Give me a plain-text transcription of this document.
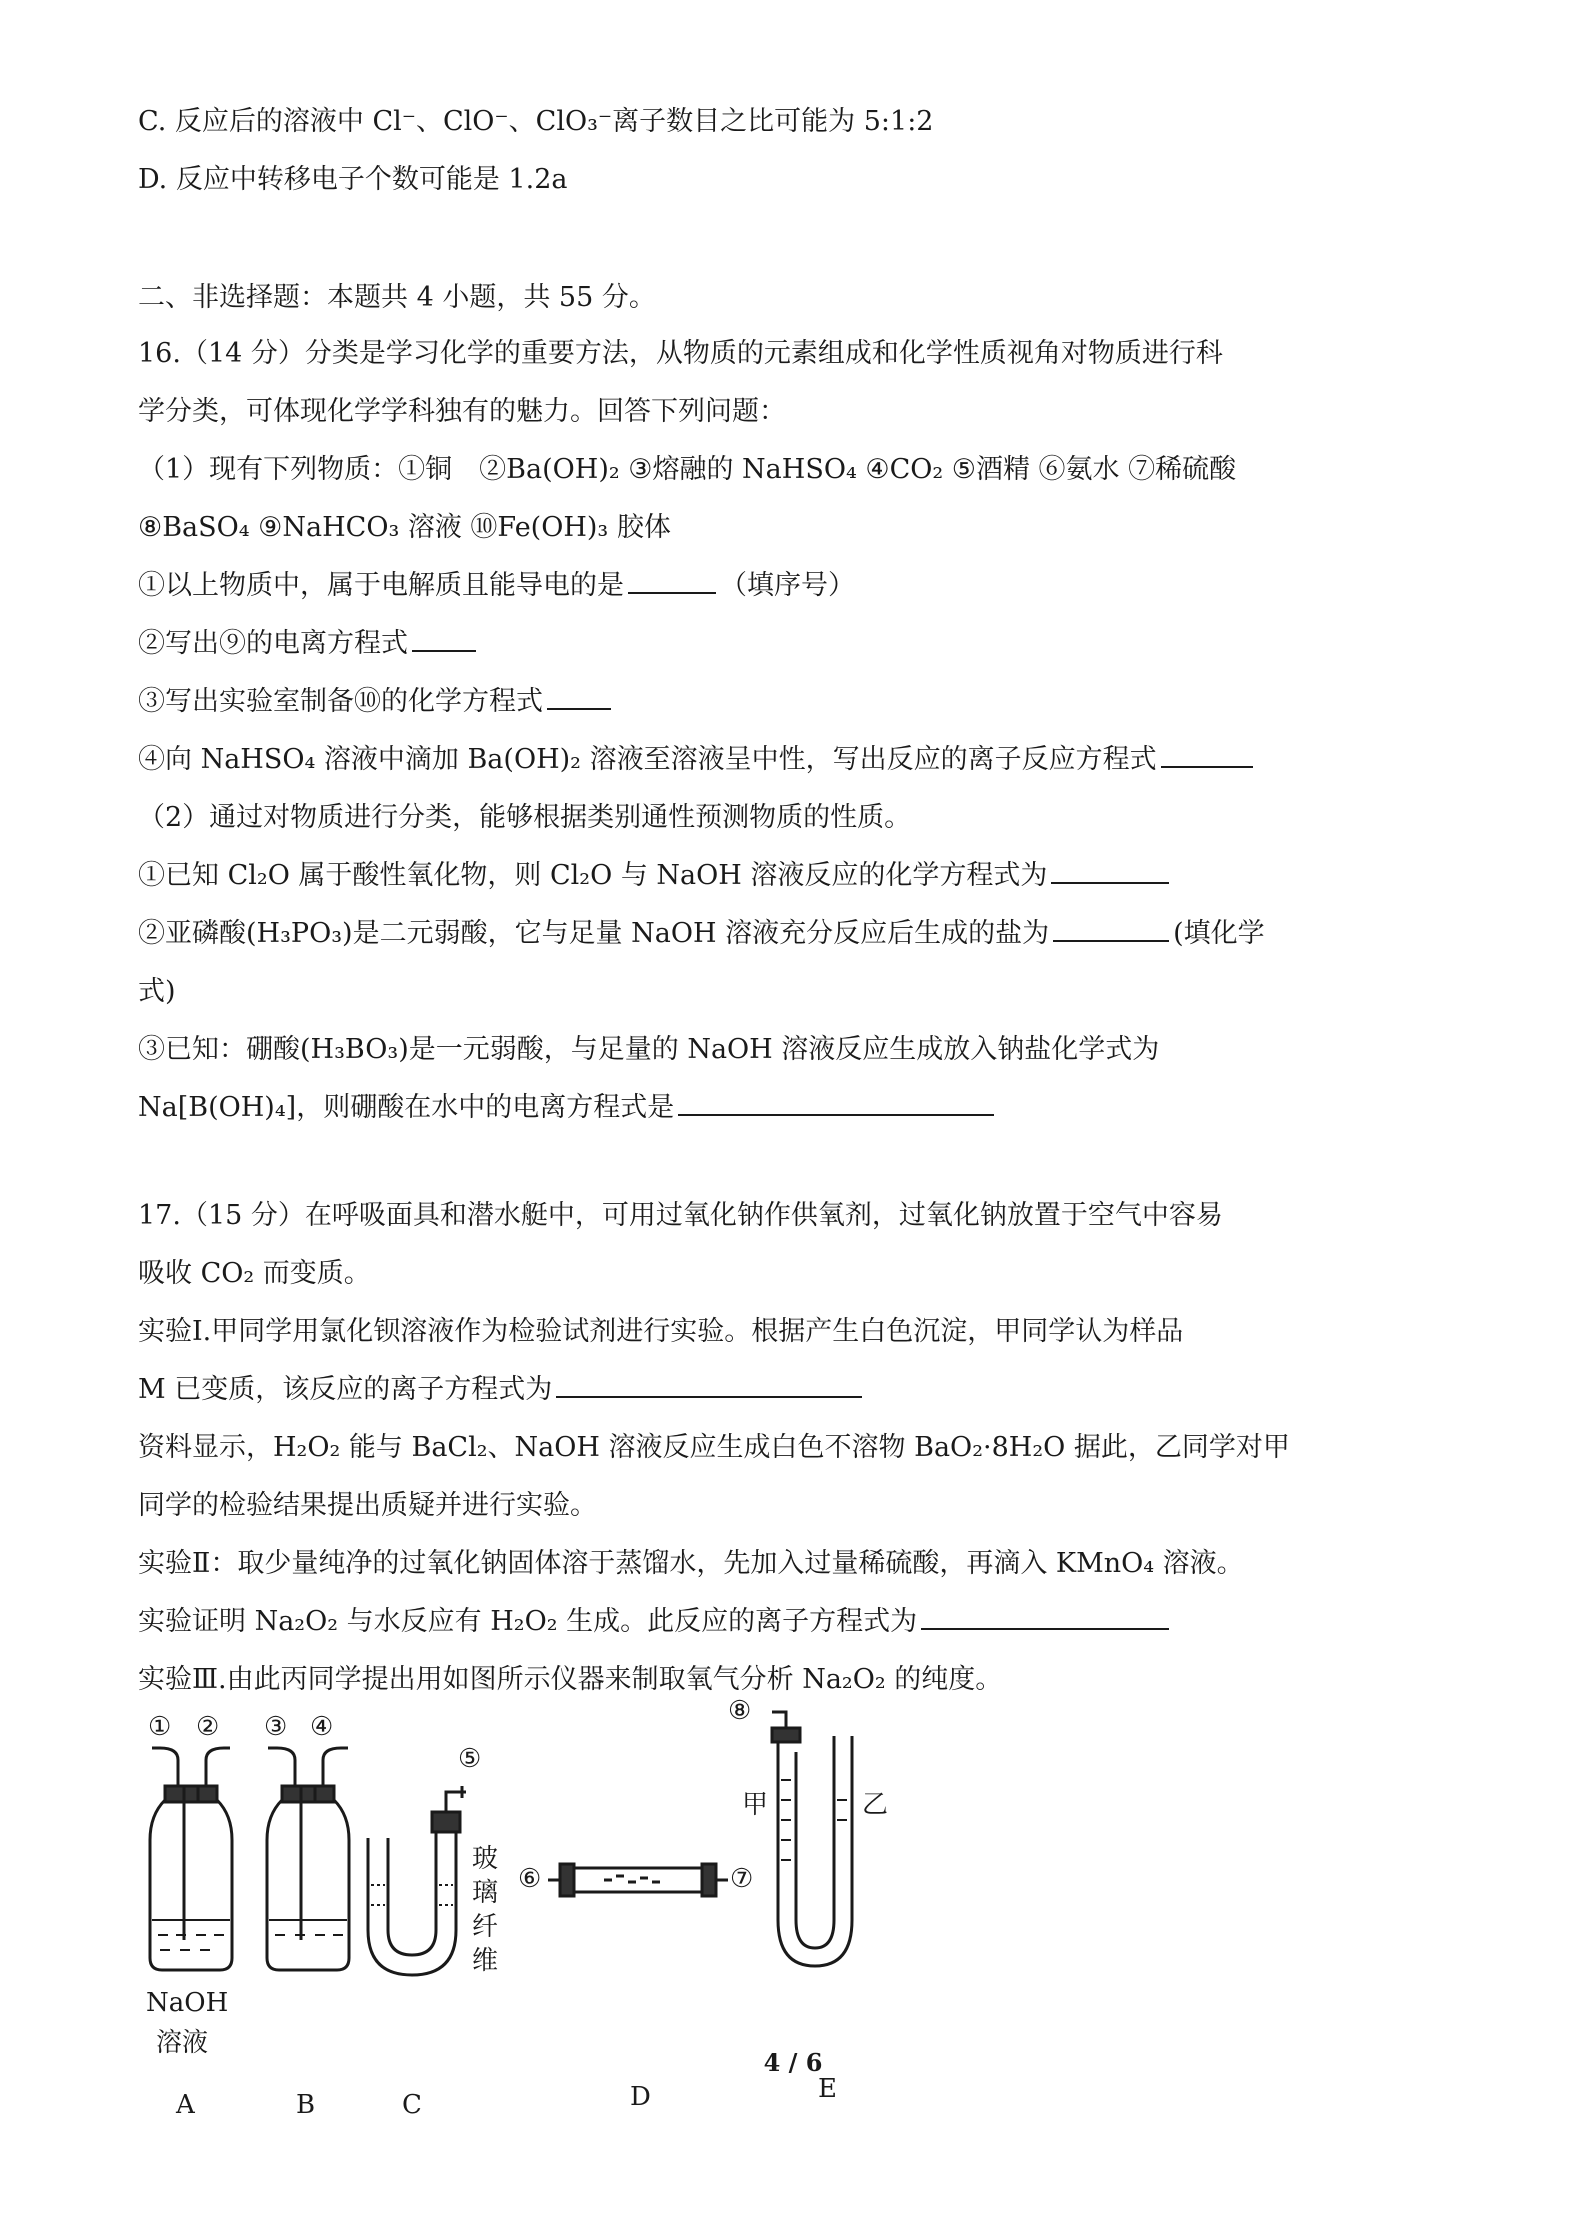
C. 反应后的溶液中 Cl⁻、ClO⁻、ClO₃⁻离子数目之比可能为 5:1:2
D. 反应中转移电子个数可能是 1.2a
二、非选择题：本题共 4 小题，共 55 分。
16.（14 分）分类是学习化学的重要方法，从物质的元素组成和化学性质视角对物质进行科
学分类，可体现化学学科独有的魅力。回答下列问题：
（1）现有下列物质：①铜　②Ba(OH)₂ ③熔融的 NaHSO₄ ④CO₂ ⑤酒精 ⑥氨水 ⑦稀硫酸
⑧BaSO₄ ⑨NaHCO₃ 溶液 ⑩Fe(OH)₃ 胶体
①以上物质中，属于电解质且能导电的是	（填序号）
②写出⑨的电离方程式
③写出实验室制备⑩的化学方程式
④向 NaHSO₄ 溶液中滴加 Ba(OH)₂ 溶液至溶液呈中性，写出反应的离子反应方程式
（2）通过对物质进行分类，能够根据类别通性预测物质的性质。
①已知 Cl₂O 属于酸性氧化物，则 Cl₂O 与 NaOH 溶液反应的化学方程式为
②亚磷酸(H₃PO₃)是二元弱酸，它与足量 NaOH 溶液充分反应后生成的盐为	(填化学
式)
③已知：硼酸(H₃BO₃)是一元弱酸，与足量的 NaOH 溶液反应生成放入钠盐化学式为
Na[B(OH)₄]，则硼酸在水中的电离方程式是
17.（15 分）在呼吸面具和潜水艇中，可用过氧化钠作供氧剂，过氧化钠放置于空气中容易
吸收 CO₂ 而变质。
实验Ⅰ.甲同学用氯化钡溶液作为检验试剂进行实验。根据产生白色沉淀，甲同学认为样品
M 已变质，该反应的离子方程式为
资料显示，H₂O₂ 能与 BaCl₂、NaOH 溶液反应生成白色不溶物 BaO₂·8H₂O 据此，乙同学对甲
同学的检验结果提出质疑并进行实验。
实验Ⅱ：取少量纯净的过氧化钠固体溶于蒸馏水，先加入过量稀硫酸，再滴入 KMnO₄ 溶液。
实验证明 Na₂O₂ 与水反应有 H₂O₂ 生成。此反应的离子方程式为
实验Ⅲ.由此丙同学提出用如图所示仪器来制取氧气分析 Na₂O₂ 的纯度。
① ② ③ ④
⑤
⑥	⑦
⑧
NaOH
溶液
玻
璃
纤
维
甲	乙
A	B	C	D	E
4 / 6
